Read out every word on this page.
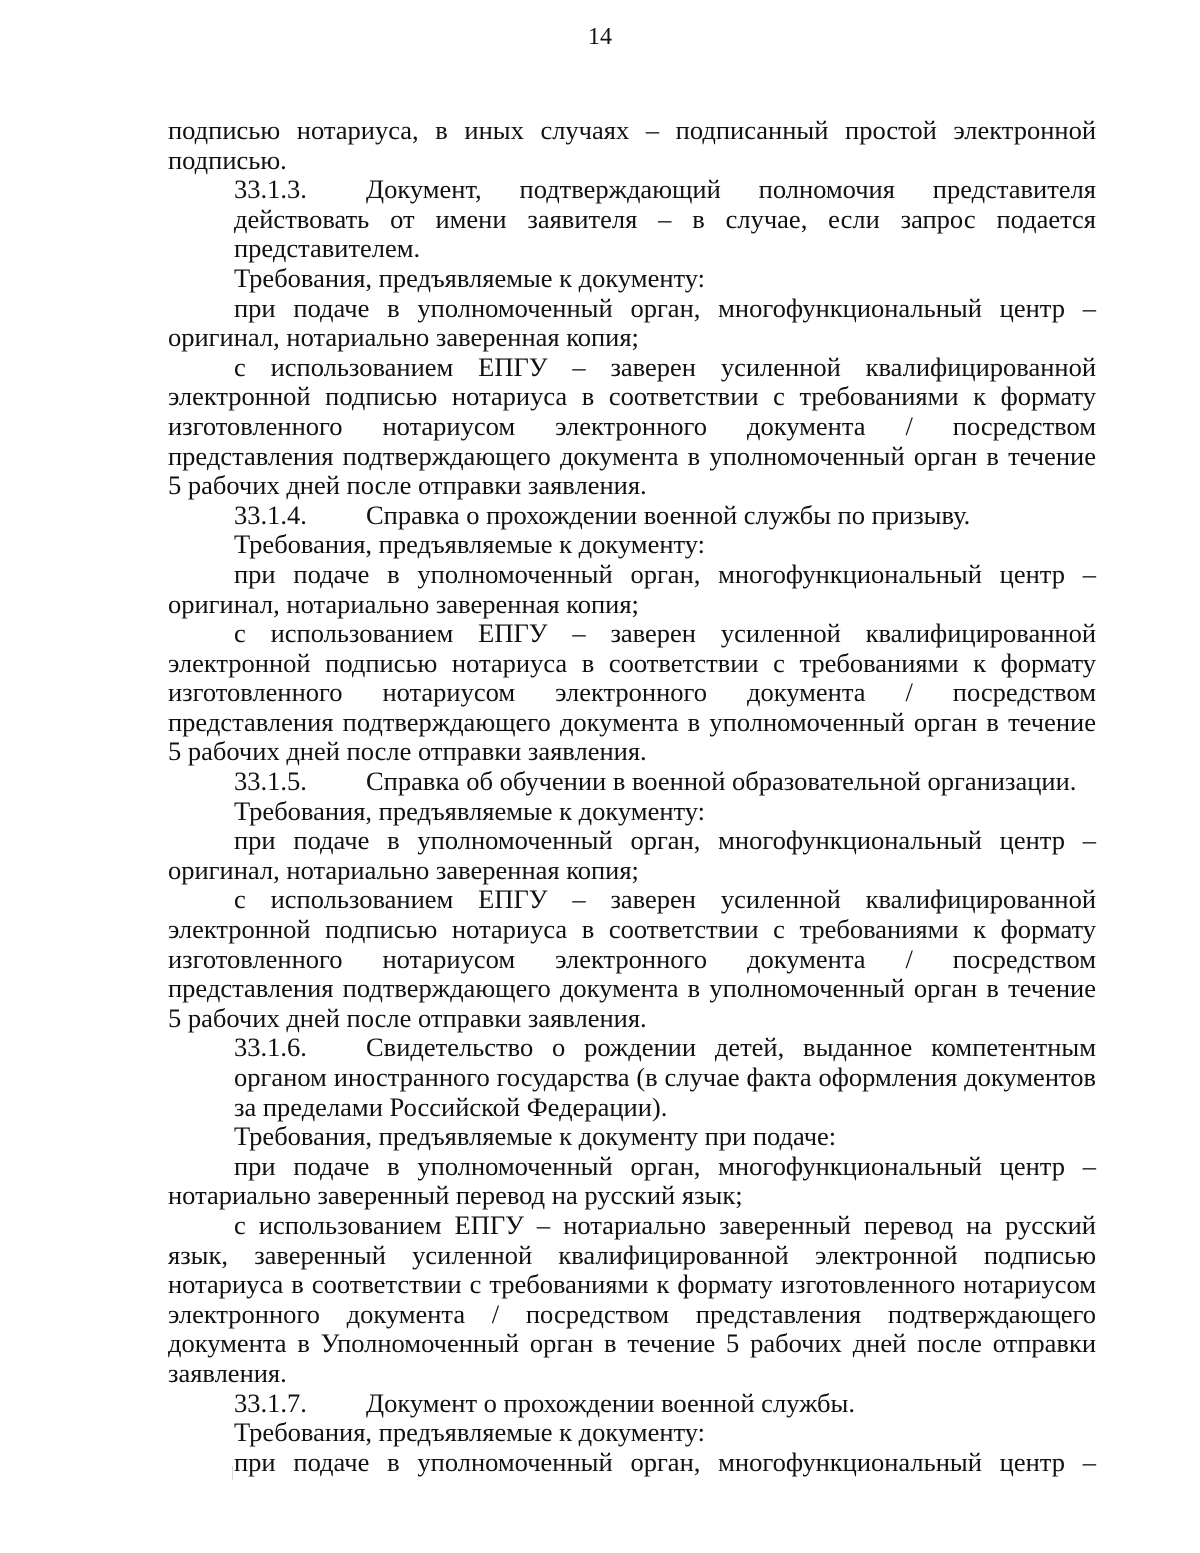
14

подписью нотариуса, в иных случаях – подписанный простой электронной подписью.

33.1.3. Документ, подтверждающий полномочия представителя действовать от имени заявителя – в случае, если запрос подается представителем.

Требования, предъявляемые к документу:

при подаче в уполномоченный орган, многофункциональный центр – оригинал, нотариально заверенная копия;

с использованием ЕПГУ – заверен усиленной квалифицированной электронной подписью нотариуса в соответствии с требованиями к формату изготовленного нотариусом электронного документа / посредством представления подтверждающего документа в уполномоченный орган в течение 5 рабочих дней после отправки заявления.

33.1.4. Справка о прохождении военной службы по призыву.

Требования, предъявляемые к документу:

при подаче в уполномоченный орган, многофункциональный центр – оригинал, нотариально заверенная копия;

с использованием ЕПГУ – заверен усиленной квалифицированной электронной подписью нотариуса в соответствии с требованиями к формату изготовленного нотариусом электронного документа / посредством представления подтверждающего документа в уполномоченный орган в течение 5 рабочих дней после отправки заявления.

33.1.5. Справка об обучении в военной образовательной организации.

Требования, предъявляемые к документу:

при подаче в уполномоченный орган, многофункциональный центр – оригинал, нотариально заверенная копия;

с использованием ЕПГУ – заверен усиленной квалифицированной электронной подписью нотариуса в соответствии с требованиями к формату изготовленного нотариусом электронного документа / посредством представления подтверждающего документа в уполномоченный орган в течение 5 рабочих дней после отправки заявления.

33.1.6. Свидетельство о рождении детей, выданное компетентным органом иностранного государства (в случае факта оформления документов за пределами Российской Федерации).

Требования, предъявляемые к документу при подаче:

при подаче в уполномоченный орган, многофункциональный центр – нотариально заверенный перевод на русский язык;

с использованием ЕПГУ – нотариально заверенный перевод на русский язык, заверенный усиленной квалифицированной электронной подписью нотариуса в соответствии с требованиями к формату изготовленного нотариусом электронного документа / посредством представления подтверждающего документа в Уполномоченный орган в течение 5 рабочих дней после отправки заявления.

33.1.7. Документ о прохождении военной службы.

Требования, предъявляемые к документу:

при подаче в уполномоченный орган, многофункциональный центр –
